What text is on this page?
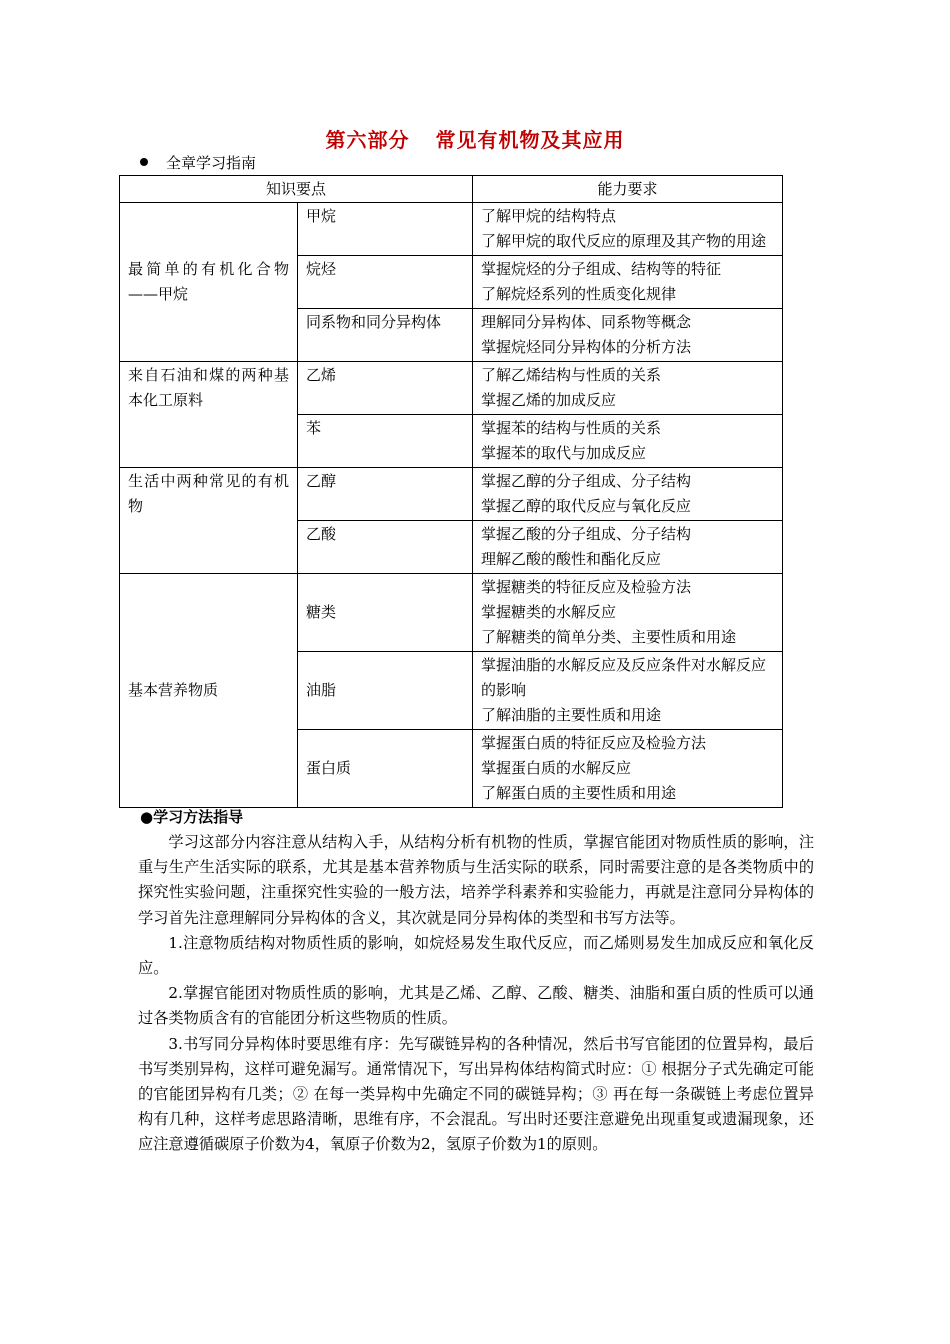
第六部分 常见有机物及其应用
全章学习指南
知识要点		能力要求
最简单的有机化合物——甲烷	甲烷	了解甲烷的结构特点
了解甲烷的取代反应的原理及其产物的用途

	烷烃	掌握烷烃的分子组成、结构等的特征
了解烷烃系列的性质变化规律

	同系物和同分异构体	理解同分异构体、同系物等概念
掌握烷烃同分异构体的分析方法

来自石油和煤的两种基本化工原料	乙烯	了解乙烯结构与性质的关系
掌握乙烯的加成反应

	苯	掌握苯的结构与性质的关系
掌握苯的取代与加成反应

生活中两种常见的有机物	乙醇	掌握乙醇的分子组成、分子结构
掌握乙醇的取代反应与氧化反应

	乙酸	掌握乙酸的分子组成、分子结构
理解乙酸的酸性和酯化反应

基本营养物质	糖类	掌握糖类的特征反应及检验方法
掌握糖类的水解反应
了解糖类的简单分类、主要性质和用途

	油脂	掌握油脂的水解反应及反应条件对水解反应的影响
了解油脂的主要性质和用途

	蛋白质	掌握蛋白质的特征反应及检验方法
掌握蛋白质的水解反应
了解蛋白质的主要性质和用途
●学习方法指导

学习这部分内容注意从结构入手，从结构分析有机物的性质，掌握官能团对物质性质的影响，注重与生产生活实际的联系，尤其是基本营养物质与生活实际的联系，同时需要注意的是各类物质中的探究性实验问题，注重探究性实验的一般方法，培养学科素养和实验能力，再就是注意同分异构体的学习首先注意理解同分异构体的含义，其次就是同分异构体的类型和书写方法等。

1.注意物质结构对物质性质的影响，如烷烃易发生取代反应，而乙烯则易发生加成反应和氧化反应。

2.掌握官能团对物质性质的影响，尤其是乙烯、乙醇、乙酸、糖类、油脂和蛋白质的性质可以通过各类物质含有的官能团分析这些物质的性质。

3.书写同分异构体时要思维有序：先写碳链异构的各种情况，然后书写官能团的位置异构，最后书写类别异构，这样可避免漏写。通常情况下，写出异构体结构简式时应：① 根据分子式先确定可能的官能团异构有几类；② 在每一类异构中先确定不同的碳链异构；③ 再在每一条碳链上考虑位置异构有几种，这样考虑思路清晰，思维有序，不会混乱。写出时还要注意避免出现重复或遗漏现象，还应注意遵循碳原子价数为4，氧原子价数为2，氢原子价数为1的原则。
